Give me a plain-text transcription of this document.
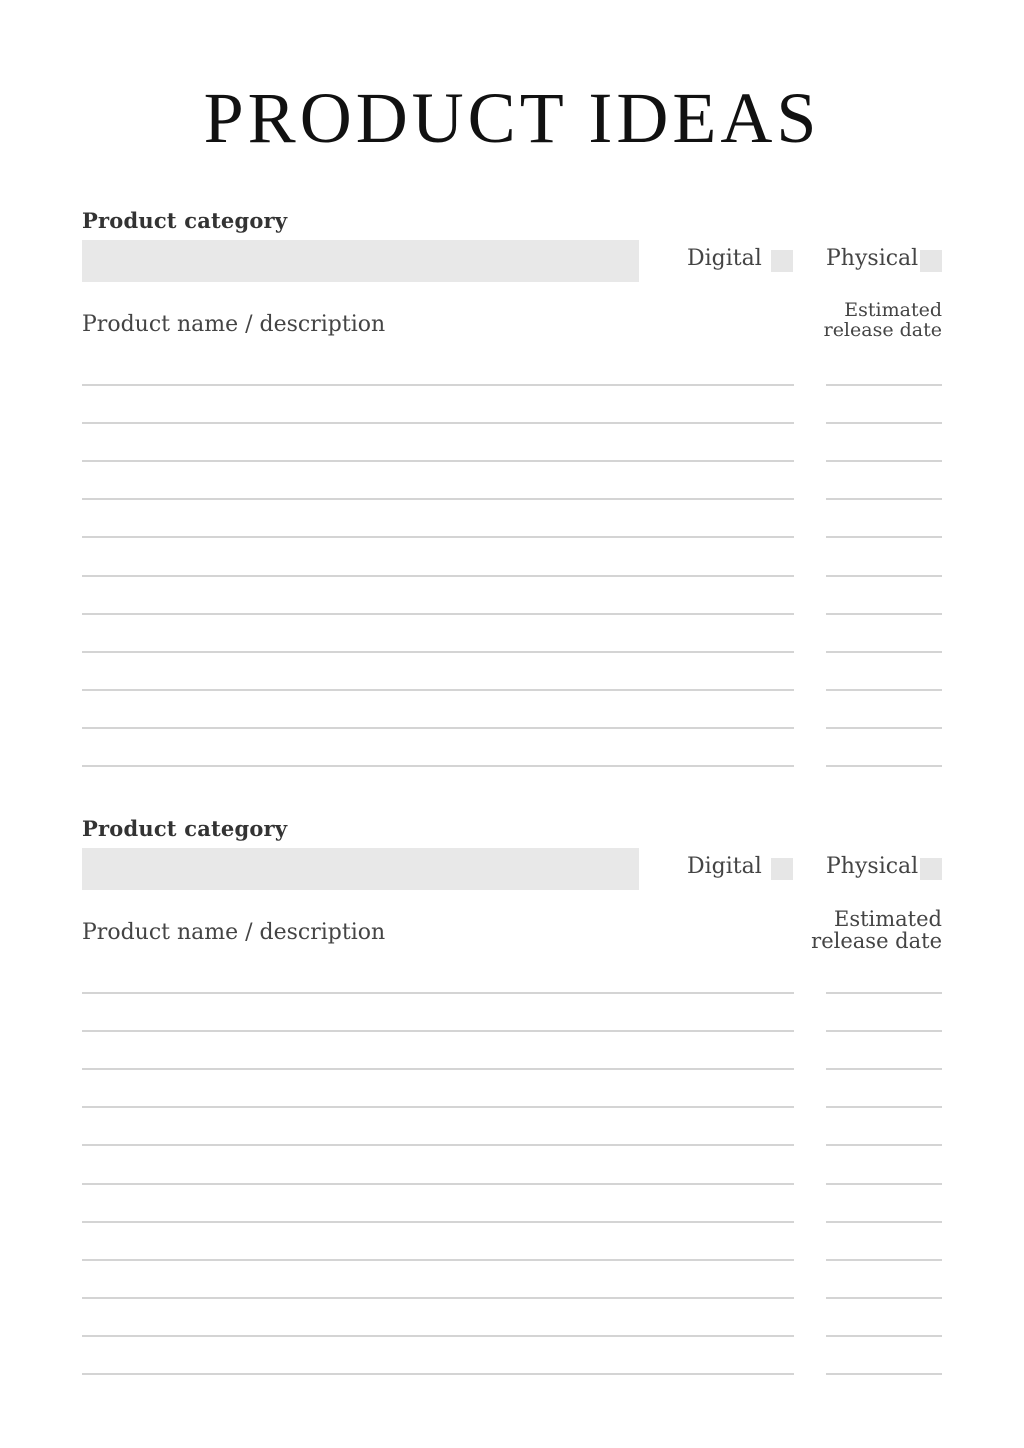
PRODUCT IDEAS
Product category
Digital	Physical
Product name / description
Estimated
release date
Product category
Digital	Physical
Product name / description
Estimated
release date
